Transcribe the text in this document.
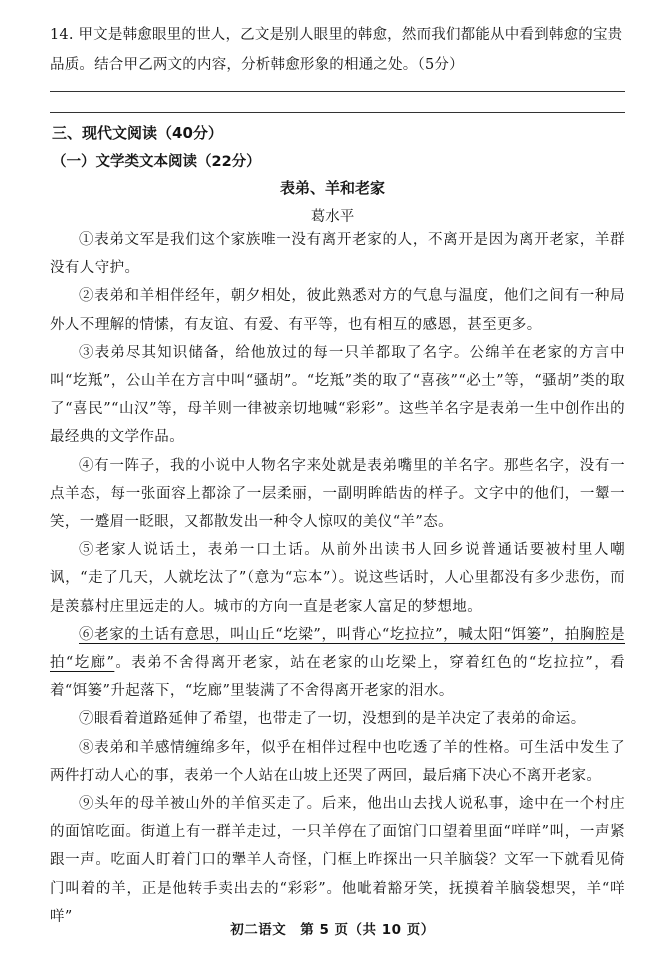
14. 甲文是韩愈眼里的世人，乙文是别人眼里的韩愈，然而我们都能从中看到韩愈的宝贵品质。结合甲乙两文的内容，分析韩愈形象的相通之处。（5分）
三、现代文阅读（40分）
（一）文学类文本阅读（22分）
表弟、羊和老家
葛水平

①表弟文军是我们这个家族唯一没有离开老家的人，不离开是因为离开老家，羊群没有人守护。

②表弟和羊相伴经年，朝夕相处，彼此熟悉对方的气息与温度，他们之间有一种局外人不理解的情愫，有友谊、有爱、有平等，也有相互的感恩，甚至更多。

③表弟尽其知识储备，给他放过的每一只羊都取了名字。公绵羊在老家的方言中叫“圪羝”，公山羊在方言中叫“骚胡”。“圪羝”类的取了“喜孩”“必土”等，“骚胡”类的取了“喜民”“山汉”等，母羊则一律被亲切地喊“彩彩”。这些羊名字是表弟一生中创作出的最经典的文学作品。

④有一阵子，我的小说中人物名字来处就是表弟嘴里的羊名字。那些名字，没有一点羊态，每一张面容上都涂了一层柔丽，一副明眸皓齿的样子。文字中的他们，一颦一笑，一蹙眉一眨眼，又都散发出一种令人惊叹的美仪“羊”态。

⑤老家人说话土，表弟一口土话。从前外出读书人回乡说普通话要被村里人嘲讽，“走了几天，人就圪汰了”（意为“忘本”）。说这些话时，人心里都没有多少悲伤，而是羡慕村庄里远走的人。城市的方向一直是老家人富足的梦想地。

⑥老家的土话有意思，叫山丘“圪梁”，叫背心“圪拉拉”，喊太阳“饵篓”，拍胸腔是拍“圪廊”。表弟不舍得离开老家，站在老家的山圪梁上，穿着红色的“圪拉拉”，看着“饵篓”升起落下，“圪廊”里装满了不舍得离开老家的泪水。

⑦眼看着道路延伸了希望，也带走了一切，没想到的是羊决定了表弟的命运。

⑧表弟和羊感情缠绵多年，似乎在相伴过程中也吃透了羊的性格。可生活中发生了两件打动人心的事，表弟一个人站在山坡上还哭了两回，最后痛下决心不离开老家。

⑨头年的母羊被山外的羊倌买走了。后来，他出山去找人说私事，途中在一个村庄的面馆吃面。街道上有一群羊走过，一只羊停在了面馆门口望着里面“咩咩”叫，一声紧跟一声。吃面人盯着门口的犟羊人奇怪，门框上昨探出一只羊脑袋？文军一下就看见倚门叫着的羊，正是他转手卖出去的“彩彩”。他呲着豁牙笑，抚摸着羊脑袋想哭，羊“咩咩”

初二语文　第 5 页（共 10 页）
